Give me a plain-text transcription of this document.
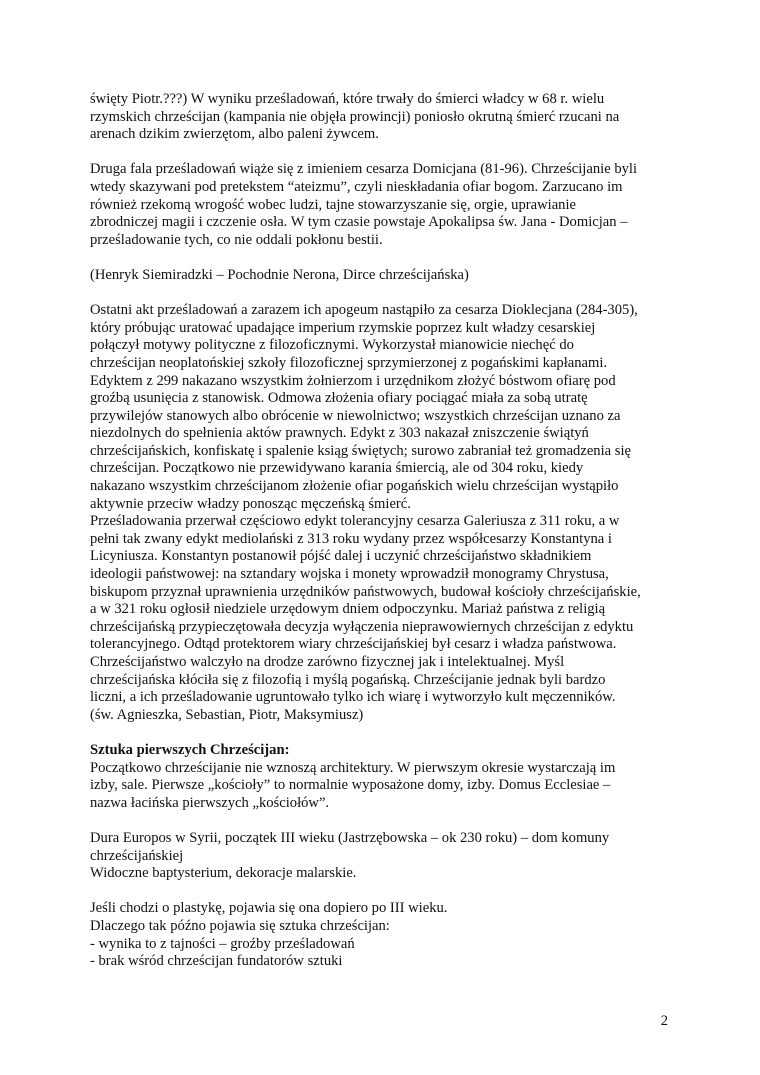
święty Piotr.???) W wyniku prześladowań, które trwały do śmierci władcy w 68 r. wielu

rzymskich chrześcijan (kampania nie objęła prowincji) poniosło okrutną śmierć rzucani na

arenach dzikim zwierzętom, albo paleni żywcem.

Druga fala prześladowań wiąże się z imieniem cesarza Domicjana (81-96). Chrześcijanie byli

wtedy skazywani pod pretekstem “ateizmu”, czyli nieskładania ofiar bogom. Zarzucano im

również rzekomą wrogość wobec ludzi, tajne stowarzyszanie się, orgie, uprawianie

zbrodniczej magii i czczenie osła. W tym czasie powstaje Apokalipsa św. Jana - Domicjan –

prześladowanie tych, co nie oddali pokłonu bestii.

(Henryk Siemiradzki – Pochodnie Nerona, Dirce chrześcijańska)

Ostatni akt prześladowań a zarazem ich apogeum nastąpiło za cesarza Dioklecjana (284-305),

który próbując uratować upadające imperium rzymskie poprzez kult władzy cesarskiej

połączył motywy polityczne z filozoficznymi. Wykorzystał mianowicie niechęć do

chrześcijan neoplatońskiej szkoły filozoficznej sprzymierzonej z pogańskimi kapłanami.

Edyktem z 299 nakazano wszystkim żołnierzom i urzędnikom złożyć bóstwom ofiarę pod

groźbą usunięcia z stanowisk. Odmowa złożenia ofiary pociągać miała za sobą utratę

przywilejów stanowych albo obrócenie w niewolnictwo; wszystkich chrześcijan uznano za

niezdolnych do spełnienia aktów prawnych. Edykt z 303 nakazał zniszczenie świątyń

chrześcijańskich, konfiskatę i spalenie ksiąg świętych; surowo zabraniał też gromadzenia się

chrześcijan. Początkowo nie przewidywano karania śmiercią, ale od 304 roku, kiedy

nakazano wszystkim chrześcijanom złożenie ofiar pogańskich wielu chrześcijan wystąpiło

aktywnie przeciw władzy ponosząc męczeńską śmierć.

Prześladowania przerwał częściowo edykt tolerancyjny cesarza Galeriusza z 311 roku, a w

pełni tak zwany edykt mediolański z 313 roku wydany przez współcesarzy Konstantyna i

Licyniusza. Konstantyn postanowił pójść dalej i uczynić chrześcijaństwo składnikiem

ideologii państwowej: na sztandary wojska i monety wprowadził monogramy Chrystusa,

biskupom przyznał uprawnienia urzędników państwowych, budował kościoły chrześcijańskie,

a w 321 roku ogłosił niedziele urzędowym dniem odpoczynku. Mariaż państwa z religią

chrześcijańską przypieczętowała decyzja wyłączenia nieprawowiernych chrześcijan z edyktu

tolerancyjnego. Odtąd protektorem wiary chrześcijańskiej był cesarz i władza państwowa.

Chrześcijaństwo walczyło na drodze zarówno fizycznej jak i intelektualnej. Myśl

chrześcijańska kłóciła się z filozofią i myślą pogańską. Chrześcijanie jednak byli bardzo

liczni, a ich prześladowanie ugruntowało tylko ich wiarę i wytworzyło kult męczenników.

(św. Agnieszka, Sebastian, Piotr, Maksymiusz)

Sztuka pierwszych Chrześcijan:

Początkowo chrześcijanie nie wznoszą architektury. W pierwszym okresie wystarczają im

izby, sale. Pierwsze „kościoły” to normalnie wyposażone domy, izby. Domus Ecclesiae –

nazwa łacińska pierwszych „kościołów”.

Dura Europos w Syrii, początek III wieku (Jastrzębowska – ok 230 roku) – dom komuny

chrześcijańskiej

Widoczne baptysterium, dekoracje malarskie.

Jeśli chodzi o plastykę, pojawia się ona dopiero po III wieku.

Dlaczego tak późno pojawia się sztuka chrześcijan:

- wynika to z tajności – groźby prześladowań

- brak wśród chrześcijan fundatorów sztuki

2
